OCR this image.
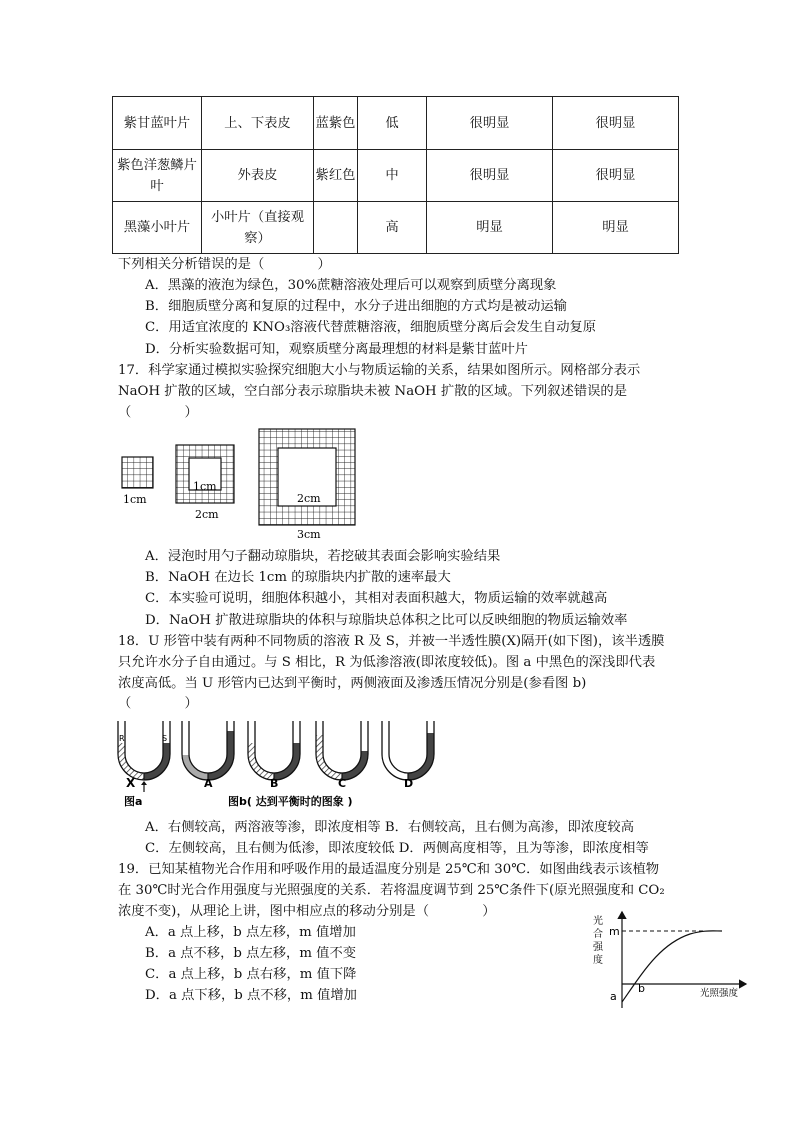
紫甘蓝叶片	上、下表皮	蓝紫色	低	很明显	很明显
紫色洋葱鳞片叶	外表皮	紫红色	中	很明显	很明显
黑藻小叶片	小叶片（直接观察）		高	明显	明显
下列相关分析错误的是（　　　　）
A．黑藻的液泡为绿色，30%蔗糖溶液处理后可以观察到质壁分离现象
B．细胞质壁分离和复原的过程中，水分子进出细胞的方式均是被动运输
C．用适宜浓度的 KNO₃溶液代替蔗糖溶液，细胞质壁分离后会发生自动复原
D．分析实验数据可知，观察质壁分离最理想的材料是紫甘蓝叶片
17．科学家通过模拟实验探究细胞大小与物质运输的关系，结果如图所示。网格部分表示
NaOH 扩散的区域，空白部分表示琼脂块未被 NaOH 扩散的区域。下列叙述错误的是
（　　　　）
1cm
1cm
2cm
2cm
3cm
A．浸泡时用勺子翻动琼脂块，若挖破其表面会影响实验结果
B．NaOH 在边长 1cm 的琼脂块内扩散的速率最大
C．本实验可说明，细胞体积越小，其相对表面积越大，物质运输的效率就越高
D．NaOH 扩散进琼脂块的体积与琼脂块总体积之比可以反映细胞的物质运输效率
18．U 形管中装有两种不同物质的溶液 R 及 S，并被一半透性膜(X)隔开(如下图)，该半透膜
只允许水分子自由通过。与 S 相比，R 为低渗溶液(即浓度较低)。图 a 中黑色的深浅即代表
浓度高低。当 U 形管内已达到平衡时，两侧液面及渗透压情况分别是(参看图 b)
（　　　　）
R	S
A	B	C	D
X
图a	图b( 达到平衡时的图象 )
A．右侧较高，两溶液等渗，即浓度相等 B．右侧较高，且右侧为高渗，即浓度较高
C．左侧较高，且右侧为低渗，即浓度较低 D．两侧高度相等，且为等渗，即浓度相等
19．已知某植物光合作用和呼吸作用的最适温度分别是 25℃和 30℃．如图曲线表示该植物
在 30℃时光合作用强度与光照强度的关系．若将温度调节到 25℃条件下(原光照强度和 CO₂
浓度不变)，从理论上讲，图中相应点的移动分别是（　　　　）
A．a 点上移，b 点左移，m 值增加
B．a 点不移，b 点左移，m 值不变
C．a 点上移，b 点右移，m 值下降
D．a 点下移，b 点不移，m 值增加
光
合
强
度
m
a
b	光照强度
